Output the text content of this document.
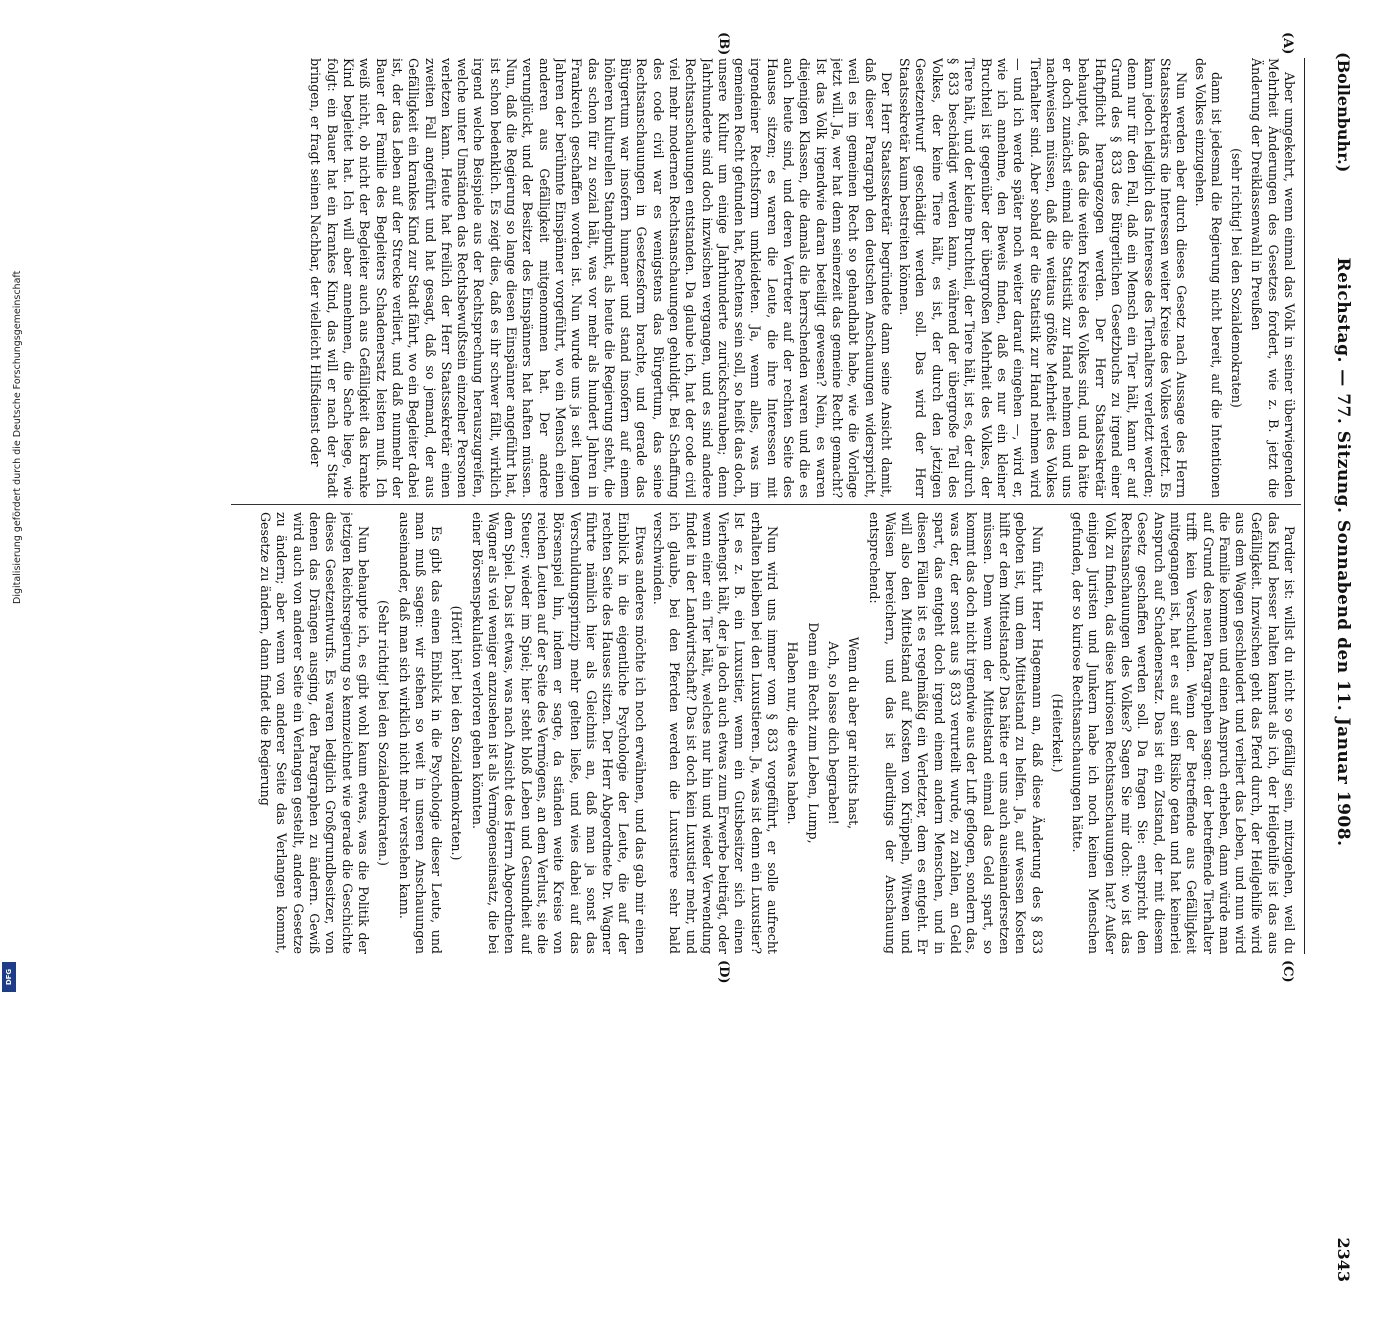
(Bollenbuhr.)
Reichstag. — 77. Sitzung. Sonnabend den 11. Januar 1908.
2343
(A)
(B)
(C)
(D)

Aber umgekehrt, wenn einmal das Volk in seiner überwiegenden Mehrheit Änderungen des Gesetzes fordert, wie z. B. jetzt die Änderung der Dreiklassenwahl in Preußen

(sehr richtig! bei den Sozialdemokraten)

dann ist jedesmal die Regierung nicht bereit, auf die Intentionen des Volkes einzugehen.

Nun werden aber durch dieses Gesetz nach Aussage des Herrn Staatssekretärs die Interessen weiter Kreise des Volkes verletzt. Es kann jedoch lediglich das Interesse des Tierhalters verletzt werden; denn nur für den Fall, daß ein Mensch ein Tier hält, kann er auf Grund des § 833 des Bürgerlichen Gesetzbuchs zu irgend einer Haftpflicht herangezogen werden. Der Herr Staatssekretär behauptet, daß das die weiten Kreise des Volkes sind, und da hätte er doch zunächst einmal die Statistik zur Hand nehmen und uns nachweisen müssen, daß die weitaus größte Mehrheit des Volkes Tierhalter sind. Aber sobald er die Statistik zur Hand nehmen wird — und ich werde später noch weiter darauf eingehen —, wird er, wie ich annehme, den Beweis finden, daß es nur ein kleiner Bruchteil ist gegenüber der übergroßen Mehrheit des Volkes, der Tiere hält, und der kleine Bruchteil, der Tiere hält, ist es, der durch § 833 beschädigt werden kann, während der übergroße Teil des Volkes, der keine Tiere hält, es ist, der durch den jetzigen Gesetzentwurf geschädigt werden soll. Das wird der Herr Staatssekretär kaum bestreiten können.

Der Herr Staatssekretär begründete dann seine Ansicht damit, daß dieser Paragraph den deutschen Anschauungen widerspricht, weil es im gemeinen Recht so gehandhabt habe, wie die Vorlage jetzt will. Ja, wer hat denn seinerzeit das gemeine Recht gemacht? Ist das Volk irgendwie daran beteiligt gewesen? Nein, es waren diejenigen Klassen, die damals die herrschenden waren und die es auch heute sind, und deren Vertreter auf der rechten Seite des Hauses sitzen; es waren die Leute, die ihre Interessen mit irgendeiner Rechtsform umkleideten. Ja, wenn alles, was im gemeinen Recht gefunden hat, Rechtens sein soll, so heißt das doch, unsere Kultur um einige Jahrhunderte zurückschrauben; denn Jahrhunderte sind doch inzwischen vergangen, und es sind andere Rechtsanschauungen entstanden. Da glaube ich, hat der code civil viel mehr modernen Rechtsanschauungen gehuldigt. Bei Schaffung des code civil war es wenigstens das Bürgertum, das seine Rechtsanschauungen in Gesetzesform brachte, und gerade das Bürgertum war insofern humaner und stand insofern auf einem höheren kulturellen Standpunkt, als heute die Regierung steht, die das schon für zu sozial hält, was vor mehr als hundert Jahren in Frankreich geschaffen worden ist. Nun wurde uns ja seit langen Jahren der berühmte Einspänner vorgeführt, wo ein Mensch einen anderen aus Gefälligkeit mitgenommen hat. Der andere verunglückt, und der Besitzer des Einspänners hat haften müssen. Nun, daß die Regierung so lange diesen Einspänner angeführt hat, ist schon bedenklich. Es zeigt dies, daß es ihr schwer fällt, wirklich irgend welche Beispiele aus der Rechtsprechung herauszugreifen, welche unter Umständen das Rechtsbewußtsein einzelner Personen verletzen kann. Heute hat freilich der Herr Staatssekretär einen zweiten Fall angeführt und hat gesagt, daß so jemand, der aus Gefälligkeit ein krankes Kind zur Stadt fährt, wo ein Begleiter dabei ist, der das Leben auf der Strecke verliert, und daß nunmehr der Bauer der Familie des Begleiters Schadenersatz leisten muß. Ich weiß nicht, ob nicht der Begleiter auch aus Gefälligkeit das kranke Kind begleitet hat. Ich will aber annehmen, die Sache liege, wie folgt: ein Bauer hat ein krankes Kind, das will er nach der Stadt bringen, er fragt seinen Nachbar, der vielleicht Hilfsdienst oder

Pardier ist: willst du nicht so gefällig sein, mitzugehen, weil du das Kind besser halten kannst als ich, der Heilgehilfe ist das aus Gefälligkeit. Inzwischen geht das Pferd durch, der Heilgehilfe wird aus dem Wagen geschleudert und verliert das Leben, und nun wird die Familie kommen und einen Anspruch erheben, dann würde man auf Grund des neuen Paragraphen sagen: der betreffende Tierhalter trifft kein Verschulden. Wenn der Betreffende aus Gefälligkeit mitgegangen ist, hat er es auf sein Risiko getan und hat keinerlei Anspruch auf Schadenersatz. Das ist ein Zustand, der mit diesem Gesetz geschaffen werden soll. Da fragen Sie: entspricht den Rechtsanschauungen des Volkes? Sagen Sie mir doch: wo ist das Volk zu finden, das diese kuriosen Rechtsanschauungen hat? Außer einigen Juristen und Junkern habe ich noch keinen Menschen gefunden, der so kuriose Rechtsanschauungen hätte.

(Heiterkeit.)

Nun führt Herr Hagemann an, daß diese Änderung des § 833 geboten ist, um dem Mittelstand zu helfen. Ja, auf wessen Kosten hilft er dem Mittelstande? Das hätte er uns auch auseinandersetzen müssen. Denn wenn der Mittelstand einmal das Geld spart, so kommt das doch nicht irgendwie aus der Luft geflogen, sondern das, was der, der sonst aus § 833 verurteilt wurde, zu zahlen, an Geld spart, das entgeht doch irgend einem andern Menschen, und in diesen Fällen ist es regelmäßig ein Verletzter, dem es entgeht. Er will also den Mittelstand auf Kosten von Krüppeln, Witwen und Waisen bereichern, und das ist allerdings der Anschauung entsprechend:

Wenn du aber gar nichts hast,

Ach, so lasse dich begraben!

Denn ein Recht zum Leben, Lump,

Haben nur, die etwas haben.

Nun wird uns immer vom § 833 vorgeführt, er solle aufrecht erhalten bleiben bei den Luxustieren. Ja, was ist denn ein Luxustier? Ist es z. B. ein Luxustier, wenn ein Gutsbesitzer sich einen Vierhengst hält, der ja doch auch etwas zum Erwerbe beiträgt, oder wenn einer ein Tier hält, welches nur hin und wieder Verwendung findet in der Landwirtschaft? Das ist doch kein Luxustier mehr, und ich glaube, bei den Pferden werden die Luxustiere sehr bald verschwinden.

Etwas anderes möchte ich noch erwähnen, und das gab mir einen Einblick in die eigentliche Psychologie der Leute, die auf der rechten Seite des Hauses sitzen. Der Herr Abgeordnete Dr. Wagner führte nämlich hier als Gleichnis an, daß man ja sonst das Verschuldungsprinzip mehr gelten ließe, und wies dabei auf das Börsenspiel hin, indem er sagte, da ständen weite Kreise von reichen Leuten auf der Seite des Vermögens, an dem Verlust, sie die Steuer; wieder im Spiel; hier steht bloß Leben und Gesundheit auf dem Spiel. Das ist etwas, was nach Ansicht des Herrn Abgeordneten Wagner als viel weniger anzusehen ist als Vermögenseinsatz, die bei einer Börsenspekulation verloren gehen könnten.

(Hört! hört! bei den Sozialdemokraten.)

Es gibt das einen Einblick in die Psychologie dieser Leute, und man muß sagen: wir stehen so weit in unseren Anschauungen auseinander, daß man sich wirklich nicht mehr verstehen kann.

(Sehr richtig! bei den Sozialdemokraten.)

Nun behaupte ich, es gibt wohl kaum etwas, was die Politik der jetzigen Reichsregierung so kennzeichnet wie gerade die Geschichte dieses Gesetzentwurfs. Es waren lediglich Großgrundbesitzer, von denen das Drängen ausging, den Paragraphen zu ändern. Gewiß wird auch von anderer Seite ein Verlangen gestellt, andere Gesetze zu ändern; aber wenn von anderer Seite das Verlangen kommt, Gesetze zu ändern, dann findet die Regierung

Digitalisierung gefördert durch die Deutsche Forschungsgemeinschaft
DFG
